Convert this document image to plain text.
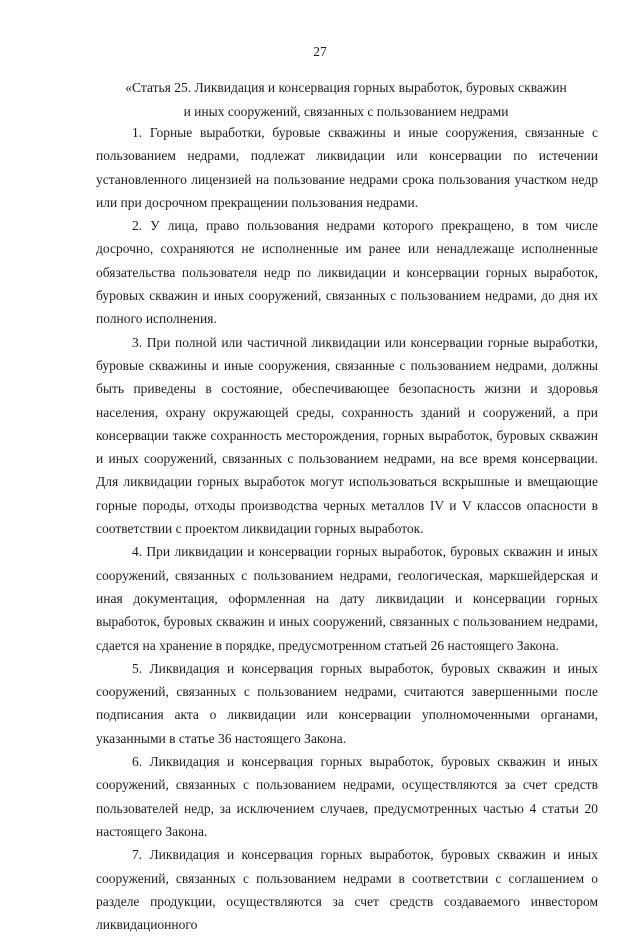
27
«Статья 25. Ликвидация и консервация горных выработок, буровых скважин
и иных сооружений, связанных с пользованием недрами

1. Горные выработки, буровые скважины и иные сооружения, связанные с пользованием недрами, подлежат ликвидации или консервации по истечении установленного лицензией на пользование недрами срока пользования участком недр или при досрочном прекращении пользования недрами.

2. У лица, право пользования недрами которого прекращено, в том числе досрочно, сохраняются не исполненные им ранее или ненадлежаще исполненные обязательства пользователя недр по ликвидации и консервации горных выработок, буровых скважин и иных сооружений, связанных с пользованием недрами, до дня их полного исполнения.

3. При полной или частичной ликвидации или консервации горные выработки, буровые скважины и иные сооружения, связанные с пользованием недрами, должны быть приведены в состояние, обеспечивающее безопасность жизни и здоровья населения, охрану окружающей среды, сохранность зданий и сооружений, а при консервации также сохранность месторождения, горных выработок, буровых скважин и иных сооружений, связанных с пользованием недрами, на все время консервации. Для ликвидации горных выработок могут использоваться вскрышные и вмещающие горные породы, отходы производства черных металлов IV и V классов опасности в соответствии с проектом ликвидации горных выработок.

4. При ликвидации и консервации горных выработок, буровых скважин и иных сооружений, связанных с пользованием недрами, геологическая, маркшейдерская и иная документация, оформленная на дату ликвидации и консервации горных выработок, буровых скважин и иных сооружений, связанных с пользованием недрами, сдается на хранение в порядке, предусмотренном статьей 26 настоящего Закона.

5. Ликвидация и консервация горных выработок, буровых скважин и иных сооружений, связанных с пользованием недрами, считаются завершенными после подписания акта о ликвидации или консервации уполномоченными органами, указанными в статье 36 настоящего Закона.

6. Ликвидация и консервация горных выработок, буровых скважин и иных сооружений, связанных с пользованием недрами, осуществляются за счет средств пользователей недр, за исключением случаев, предусмотренных частью 4 статьи 20 настоящего Закона.

7. Ликвидация и консервация горных выработок, буровых скважин и иных сооружений, связанных с пользованием недрами в соответствии с соглашением о разделе продукции, осуществляются за счет средств создаваемого инвестором ликвидационного
